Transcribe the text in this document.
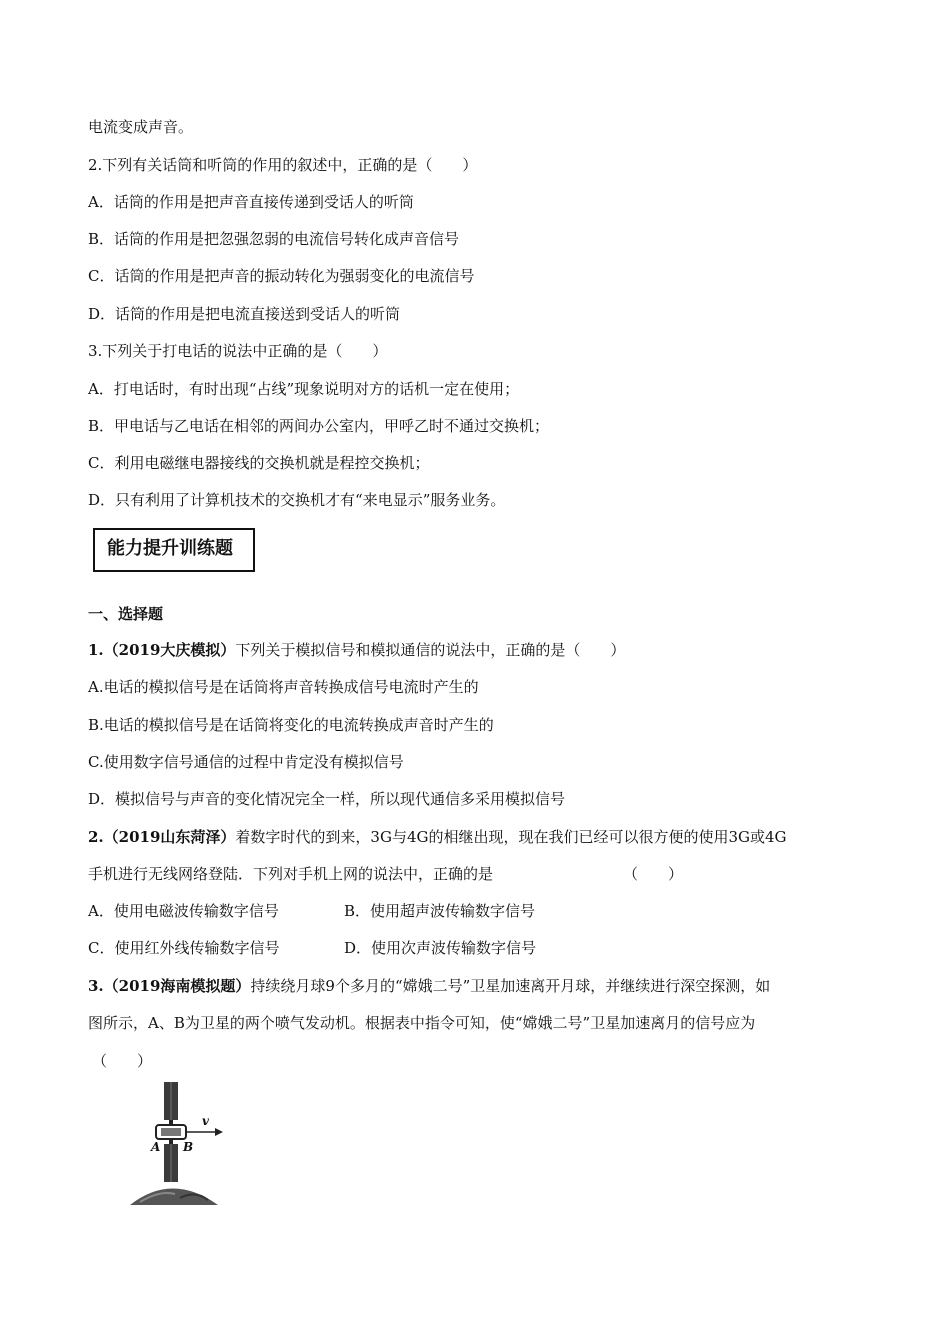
电流变成声音。
2.下列有关话筒和听筒的作用的叙述中，正确的是（　　）
A．话筒的作用是把声音直接传递到受话人的听筒
B．话筒的作用是把忽强忽弱的电流信号转化成声音信号
C．话筒的作用是把声音的振动转化为强弱变化的电流信号
D．话筒的作用是把电流直接送到受话人的听筒
3.下列关于打电话的说法中正确的是（　　）
A．打电话时，有时出现“占线”现象说明对方的话机一定在使用；
B．甲电话与乙电话在相邻的两间办公室内，甲呼乙时不通过交换机；
C．利用电磁继电器接线的交换机就是程控交换机；
D．只有利用了计算机技术的交换机才有“来电显示”服务业务。
能力提升训练题
一、选择题
1.（2019大庆模拟）下列关于模拟信号和模拟通信的说法中，正确的是（　　）
A.电话的模拟信号是在话筒将声音转换成信号电流时产生的
B.电话的模拟信号是在话筒将变化的电流转换成声音时产生的
C.使用数字信号通信的过程中肯定没有模拟信号
D．模拟信号与声音的变化情况完全一样，所以现代通信多采用模拟信号
2.（2019山东菏泽）着数字时代的到来，3G与4G的相继出现，现在我们已经可以很方便的使用3G或4G
手机进行无线网络登陆．下列对手机上网的说法中，正确的是	（　　）
A．使用电磁波传输数字信号	B．使用超声波传输数字信号
C．使用红外线传输数字信号	D．使用次声波传输数字信号
3.（2019海南模拟题）持续绕月球9个多月的“嫦娥二号”卫星加速离开月球，并继续进行深空探测，如
图所示，A、B为卫星的两个喷气发动机。根据表中指令可知，使“嫦娥二号”卫星加速离月的信号应为
（　　）
v
A B
